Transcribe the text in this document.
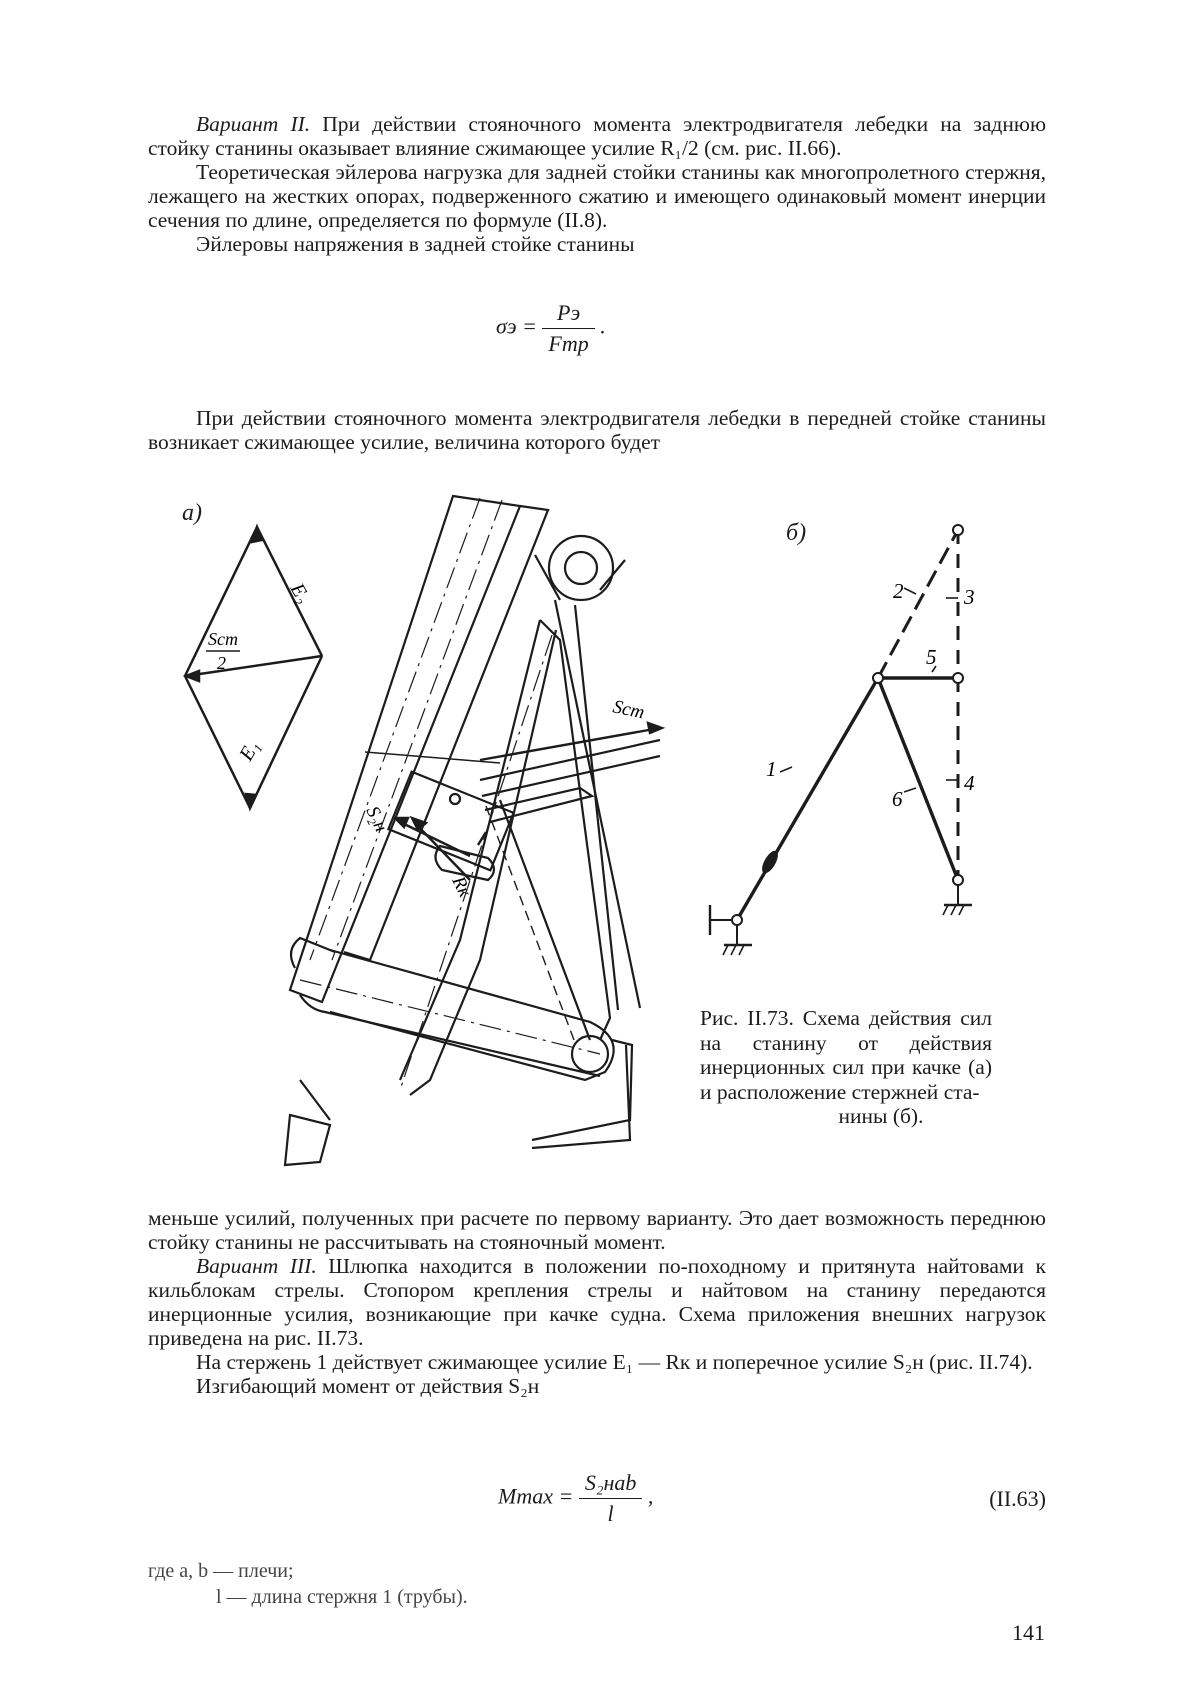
Вариант II. При действии стояночного момента электродвигателя лебедки на заднюю стойку станины оказывает влияние сжимающее усилие R₁/2 (см. рис. II.66).

Теоретическая эйлерова нагрузка для задней стойки станины как многопролетного стержня, лежащего на жестких опорах, подверженного сжатию и имеющего одинаковый момент инерции сечения по длине, определяется по формуле (II.8).

Эйлеровы напряжения в задней стойке станины

$\sigma э = \frac{Pэ}{\text{Fтр}}$ .

При действии стояночного момента электродвигателя лебедки в передней стойке станины возникает сжимающее усилие, величина которого будет

E₂
E₁
Sст
2
S₂н
Rк
Sст
1
2	3
4
5
6
а)
б)
Рис. II.73. Схема действия сил на станину от действия инерционных сил при качке (а) и расположение стержней ста-
нины (б).

меньше усилий, полученных при расчете по первому варианту. Это дает возможность переднюю стойку станины не рассчитывать на стояночный момент.

Вариант III. Шлюпка находится в положении по-походному и притянута найтовами к кильблокам стрелы. Стопором крепления стрелы и найтовом на станину передаются инерционные усилия, возникающие при качке судна. Схема приложения внешних нагрузок приведена на рис. II.73.

На стержень 1 действует сжимающее усилие E₁ — Rк и поперечное усилие S₂н (рис. II.74).

Изгибающий момент от действия S₂н

$Mmax = \frac{\text{S₂нab}}{l}$ ,	(II.63)
где a, b — плечи;
l — длина стержня 1 (трубы).
141
